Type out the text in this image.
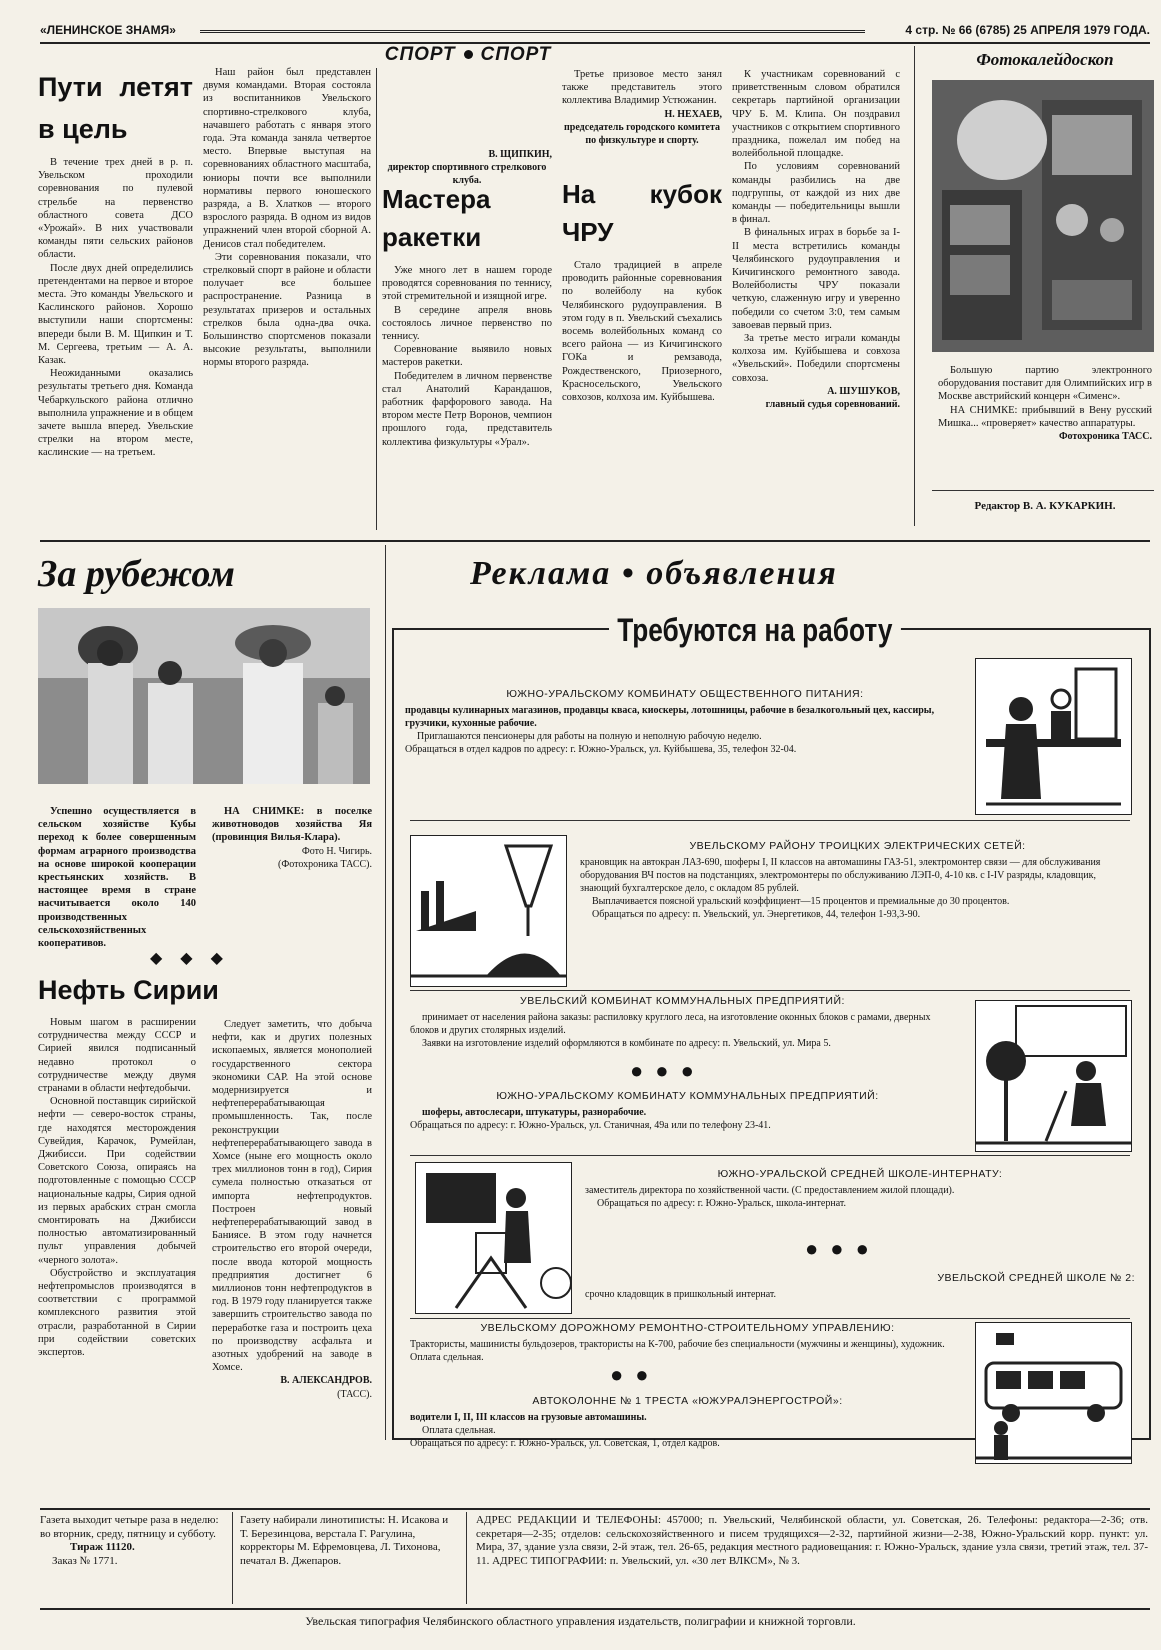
«ЛЕНИНСКОЕ ЗНАМЯ»	4 стр. № 66 (6785) 25 АПРЕЛЯ 1979 ГОДА.
СПОРТ СПОРТ
Пути летят в цель

В течение трех дней в р. п. Увельском проходили соревнования по пулевой стрельбе на первенство областного совета ДСО «Урожай». В них участвовали команды пяти сельских районов области.

После двух дней определились претендентами на первое и второе места. Это команды Увельского и Каслинского районов. Хорошо выступили наши спортсмены: впереди были В. М. Щипкин и Т. М. Сергеева, третьим — А. А. Казак.

Неожиданными оказались результаты третьего дня. Команда Чебаркульского района отлично выполнила упражнение и в общем зачете вышла вперед. Увельские стрелки на втором месте, каслинские — на третьем.

Наш район был представлен двумя командами. Вторая состояла из воспитанников Увельского спортивно-стрелкового клуба, начавшего работать с января этого года. Эта команда заняла четвертое место. Впервые выступая на соревнованиях областного масштаба, юниоры почти все выполнили нормативы первого юношеского разряда, а В. Хлатков — второго взрослого разряда. В одном из видов упражнений член второй сборной А. Денисов стал победителем.

Эти соревнования показали, что стрелковый спорт в районе и области получает все большее распространение. Разница в результатах призеров и остальных стрелков была одна-два очка. Большинство спортсменов показали высокие результаты, выполнили нормы второго разряда.

В. ЩИПКИН,
директор спортивного стрелкового клуба.
Мастера ракетки

Уже много лет в нашем городе проводятся соревнования по теннису, этой стремительной и изящной игре.

В середине апреля вновь состоялось личное первенство по теннису.

Соревнование выявило новых мастеров ракетки.

Победителем в личном первенстве стал Анатолий Карандашов, работник фарфорового завода. На втором месте Петр Воронов, чемпион прошлого года, представитель коллектива физкультуры «Урал».

Третье призовое место занял также представитель этого коллектива Владимир Устюжанин.

Н. НЕХАЕВ,
председатель городского комитета по физкультуре и спорту.
На кубок ЧРУ

Стало традицией в апреле проводить районные соревнования по волейболу на кубок Челябинского рудоуправления. В этом году в п. Увельский съехались восемь волейбольных команд со всего района — из Кичигинского ГОКа и ремзавода, Рождественского, Приозерного, Красносельского, Увельского совхозов, колхоза им. Куйбышева.

К участникам соревнований с приветственным словом обратился секретарь партийной организации ЧРУ Б. М. Клипа. Он поздравил участников с открытием спортивного праздника, пожелал им побед на волейбольной площадке.

По условиям соревнований команды разбились на две подгруппы, от каждой из них две команды — победительницы вышли в финал.

В финальных играх в борьбе за I-II места встретились команды Челябинского рудоуправления и Кичигинского ремонтного завода. Волейболисты ЧРУ показали четкую, слаженную игру и уверенно победили со счетом 3:0, тем самым завоевав первый приз.

За третье место играли команды колхоза им. Куйбышева и совхоза «Увельский». Победили спортсмены совхоза.

А. ШУШУКОВ,
главный судья соревнований.
Фотокалейдоскоп

Большую партию электронного оборудования поставит для Олимпийских игр в Москве австрийский концерн «Сименс».

НА СНИМКЕ: прибывший в Вену русский Мишка... «проверяет» качество аппаратуры.

Фотохроника ТАСС.
Редактор В. А. КУКАРКИН.
За рубежом

Успешно осуществляется в сельском хозяйстве Кубы переход к более совершенным формам аграрного производства на основе широкой кооперации крестьянских хозяйств. В настоящее время в стране насчитывается около 140 производственных сельскохозяйственных кооперативов.

НА СНИМКЕ: в поселке животноводов хозяйства Яя (провинция Вилья-Клара).

Фото Н. Чигирь.
(Фотохроника ТАСС).
◆◆◆
Нефть Сирии

Новым шагом в расширении сотрудничества между СССР и Сирией явился подписанный недавно протокол о сотрудничестве между двумя странами в области нефтедобычи.

Основной поставщик сирийской нефти — северо-восток страны, где находятся месторождения Сувейдия, Карачок, Румейлан, Джибисси. При содействии Советского Союза, опираясь на подготовленные с помощью СССР национальные кадры, Сирия одной из первых арабских стран смогла смонтировать на Джибисси полностью автоматизированный пульт управления добычей «черного золота».

Обустройство и эксплуатация нефтепромыслов производятся в соответствии с программой комплексного развития этой отрасли, разработанной в Сирии при содействии советских экспертов.

Следует заметить, что добыча нефти, как и других полезных ископаемых, является монополией государственного сектора экономики САР. На этой основе модернизируется и нефтеперерабатывающая промышленность. Так, после реконструкции нефтеперерабатывающего завода в Хомсе (ныне его мощность около трех миллионов тонн в год), Сирия сумела полностью отказаться от импорта нефтепродуктов. Построен новый нефтеперерабатывающий завод в Баниясе. В этом году начнется строительство его второй очереди, после ввода которой мощность предприятия достигнет 6 миллионов тонн нефтепродуктов в год. В 1979 году планируется также завершить строительство завода по переработке газа и построить цеха по производству асфальта и азотных удобрений на заводе в Хомсе.

В. АЛЕКСАНДРОВ.
(ТАСС).
Реклама • объявления
Требуются на работу
ЮЖНО-УРАЛЬСКОМУ КОМБИНАТУ ОБЩЕСТВЕННОГО ПИТАНИЯ:

продавцы кулинарных магазинов, продавцы кваса, киоскеры, лотошницы, рабочие в безалкогольный цех, кассиры, грузчики, кухонные рабочие.

Приглашаются пенсионеры для работы на полную и неполную рабочую неделю.

Обращаться в отдел кадров по адресу: г. Южно-Уральск, ул. Куйбышева, 35, телефон 32-04.

УВЕЛЬСКОМУ РАЙОНУ ТРОИЦКИХ ЭЛЕКТРИЧЕСКИХ СЕТЕЙ:

крановщик на автокран ЛАЗ-690, шоферы I, II классов на автомашины ГАЗ-51, электромонтер связи — для обслуживания оборудования ВЧ постов на подстанциях, электромонтеры по обслуживанию ЛЭП-0, 4-10 кв. с I-IV разряды, кладовщик, знающий бухгалтерское дело, с окладом 85 рублей.

Выплачивается поясной уральский коэффициент—15 процентов и премиальные до 30 процентов.

Обращаться по адресу: п. Увельский, ул. Энергетиков, 44, телефон 1-93,3-90.

УВЕЛЬСКИЙ КОМБИНАТ КОММУНАЛЬНЫХ ПРЕДПРИЯТИЙ:

принимает от населения района заказы: распиловку круглого леса, на изготовление оконных блоков с рамами, дверных блоков и других столярных изделий.

Заявки на изготовление изделий оформляются в комбинате по адресу: п. Увельский, ул. Мира 5.

●●●
ЮЖНО-УРАЛЬСКОМУ КОМБИНАТУ КОММУНАЛЬНЫХ ПРЕДПРИЯТИЙ:

шоферы, автослесари, штукатуры, разнорабочие.

Обращаться по адресу: г. Южно-Уральск, ул. Станичная, 49а или по телефону 23-41.

ЮЖНО-УРАЛЬСКОЙ СРЕДНЕЙ ШКОЛЕ-ИНТЕРНАТУ:

заместитель директора по хозяйственной части. (С предоставлением жилой площади).

Обращаться по адресу: г. Южно-Уральск, школа-интернат.

●●●
УВЕЛЬСКОЙ СРЕДНЕЙ ШКОЛЕ № 2:

срочно кладовщик в пришкольный интернат.

УВЕЛЬСКОМУ ДОРОЖНОМУ РЕМОНТНО-СТРОИТЕЛЬНОМУ УПРАВЛЕНИЮ:

Трактористы, машинисты бульдозеров, трактористы на К-700, рабочие без специальности (мужчины и женщины), художник. Оплата сдельная.

●●
АВТОКОЛОННЕ № 1 ТРЕСТА «ЮЖУРАЛЭНЕРГОСТРОЙ»:

водители I, II, III классов на грузовые автомашины.

Оплата сдельная.

Обращаться по адресу: г. Южно-Уральск, ул. Советская, 1, отдел кадров.

Газета выходит четыре раза в неделю: во вторник, среду, пятницу и субботу.
Тираж 11120.
Заказ № 1771.
Газету набирали линотиписты: Н. Исакова и Т. Березинцова, верстала Г. Рагулина, корректоры М. Ефремовцева, Л. Тихонова, печатал В. Джепаров.
АДРЕС РЕДАКЦИИ И ТЕЛЕФОНЫ: 457000; п. Увельский, Челябинской области, ул. Советская, 26. Телефоны: редактора—2-36; отв. секретаря—2-35; отделов: сельскохозяйственного и писем трудящихся—2-32, партийной жизни—2-38, Южно-Уральский корр. пункт: ул. Мира, 37, здание узла связи, 2-й этаж, тел. 26-65, редакция местного радиовещания: г. Южно-Уральск, здание узла связи, третий этаж, тел. 37-11. АДРЕС ТИПОГРАФИИ: п. Увельский, ул. «30 лет ВЛКСМ», № 3.
Увельская типография Челябинского областного управления издательств, полиграфии и книжной торговли.
